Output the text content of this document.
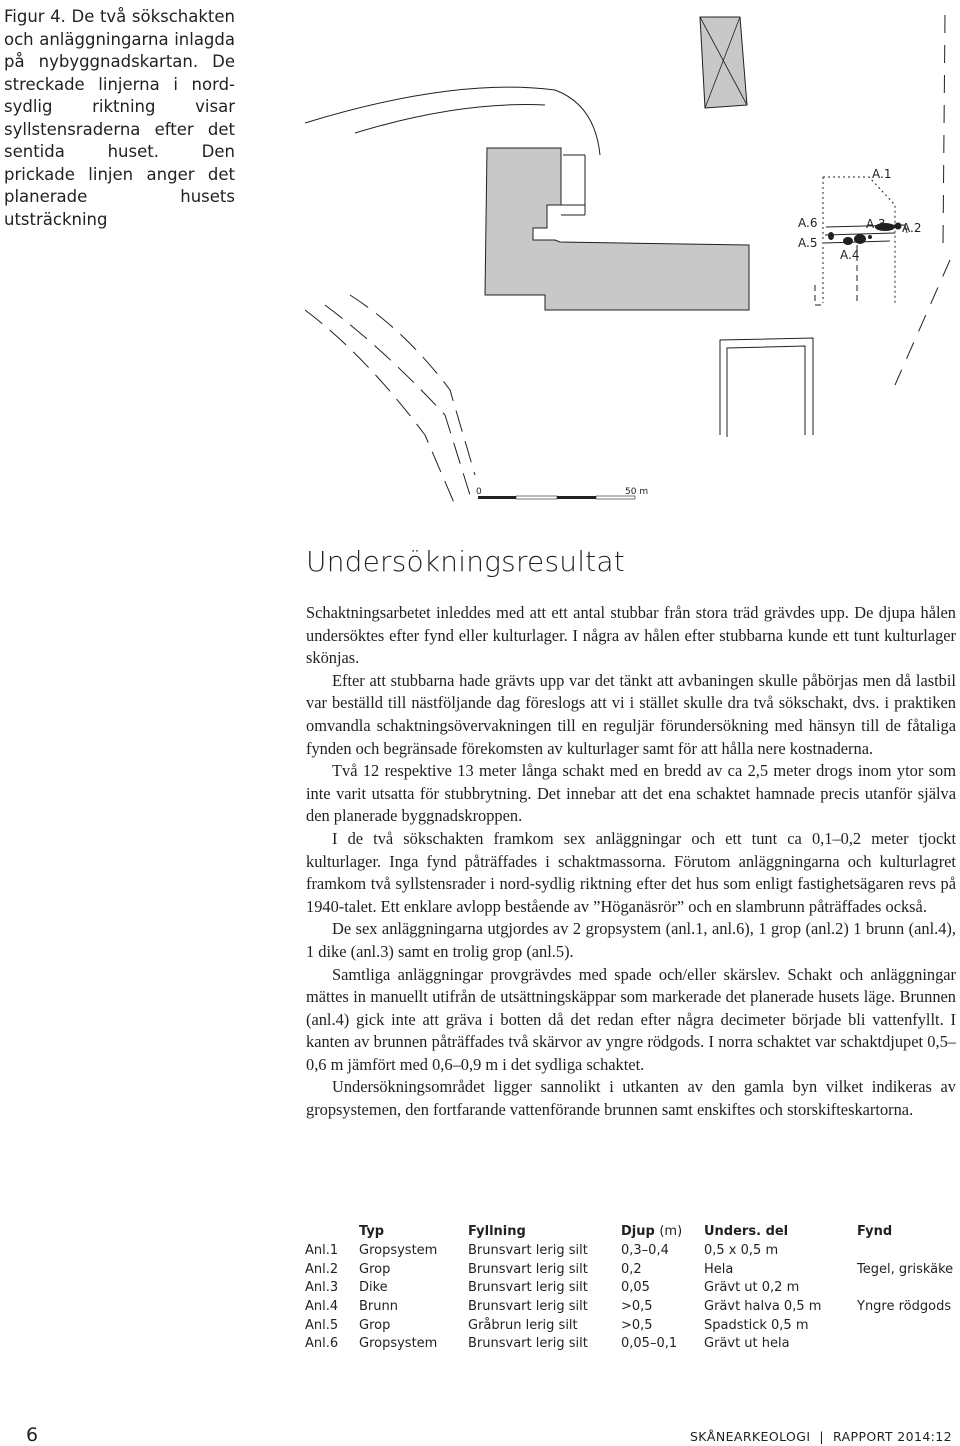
Figur 4. De två sökschakten och anläggningarna inlagda på nybyggnadskartan. De streckade linjerna i nord-sydlig riktning visar syllstensraderna efter det sentida huset. Den prickade linjen anger det planerade husets utsträckning
A.1
A.2
A.3
A.4
A.5
A.6
0	50 m
Undersökningsresultat

Schaktningsarbetet inleddes med att ett antal stubbar från stora träd grävdes upp. De djupa hålen undersöktes efter fynd eller kulturlager. I några av hålen efter stubbarna kunde ett tunt kulturlager skönjas.

Efter att stubbarna hade grävts upp var det tänkt att avbaningen skulle påbörjas men då lastbil var beställd till nästföljande dag föreslogs att vi i stället skulle dra två sökschakt, dvs. i praktiken omvandla schaktningsövervakningen till en reguljär förundersökning med hänsyn till de fåtaliga fynden och begränsade förekomsten av kulturlager samt för att hålla nere kostnaderna.

Två 12 respektive 13 meter långa schakt med en bredd av ca 2,5 meter drogs inom ytor som inte varit utsatta för stubbrytning. Det innebar att det ena schaktet hamnade precis utanför själva den planerade byggnadskroppen.

I de två sökschakten framkom sex anläggningar och ett tunt ca 0,1–0,2 meter tjockt kulturlager. Inga fynd påträffades i schaktmassorna. Förutom anläggningarna och kulturlagret framkom två syllstensrader i nord-sydlig riktning efter det hus som enligt fastighetsägaren revs på 1940-talet. Ett enklare avlopp bestående av ”Höganäsrör” och en slambrunn påträffades också.

De sex anläggningarna utgjordes av 2 gropsystem (anl.1, anl.6), 1 grop (anl.2) 1 brunn (anl.4), 1 dike (anl.3) samt en trolig grop (anl.5).

Samtliga anläggningar provgrävdes med spade och/eller skärslev. Schakt och anläggningar mättes in manuellt utifrån de utsättningskäppar som markerade det planerade husets läge. Brunnen (anl.4) gick inte att gräva i botten då det redan efter några decimeter började bli vattenfyllt. I kanten av brunnen påträffades två skärvor av yngre rödgods. I norra schaktet var schaktdjupet 0,5–0,6 m jämfört med 0,6–0,9 m i det sydliga schaktet.

Undersökningsområdet ligger sannolikt i utkanten av den gamla byn vilket indikeras av gropsystemen, den fortfarande vattenförande brunnen samt enskiftes och storskifteskartorna.

	Typ	Fyllning	Djup (m)	Unders. del	Fynd
Anl.1	Gropsystem	Brunsvart lerig silt	0,3–0,4	0,5 x 0,5 m	
Anl.2	Grop	Brunsvart lerig silt	0,2	Hela	Tegel, griskäke
Anl.3	Dike	Brunsvart lerig silt	0,05	Grävt ut 0,2 m	
Anl.4	Brunn	Brunsvart lerig silt	>0,5	Grävt halva 0,5 m	Yngre rödgods
Anl.5	Grop	Gråbrun lerig silt	>0,5	Spadstick 0,5 m	
Anl.6	Gropsystem	Brunsvart lerig silt	0,05–0,1	Grävt ut hela	
6	SKÅNEARKEOLOGI | RAPPORT 2014:12
